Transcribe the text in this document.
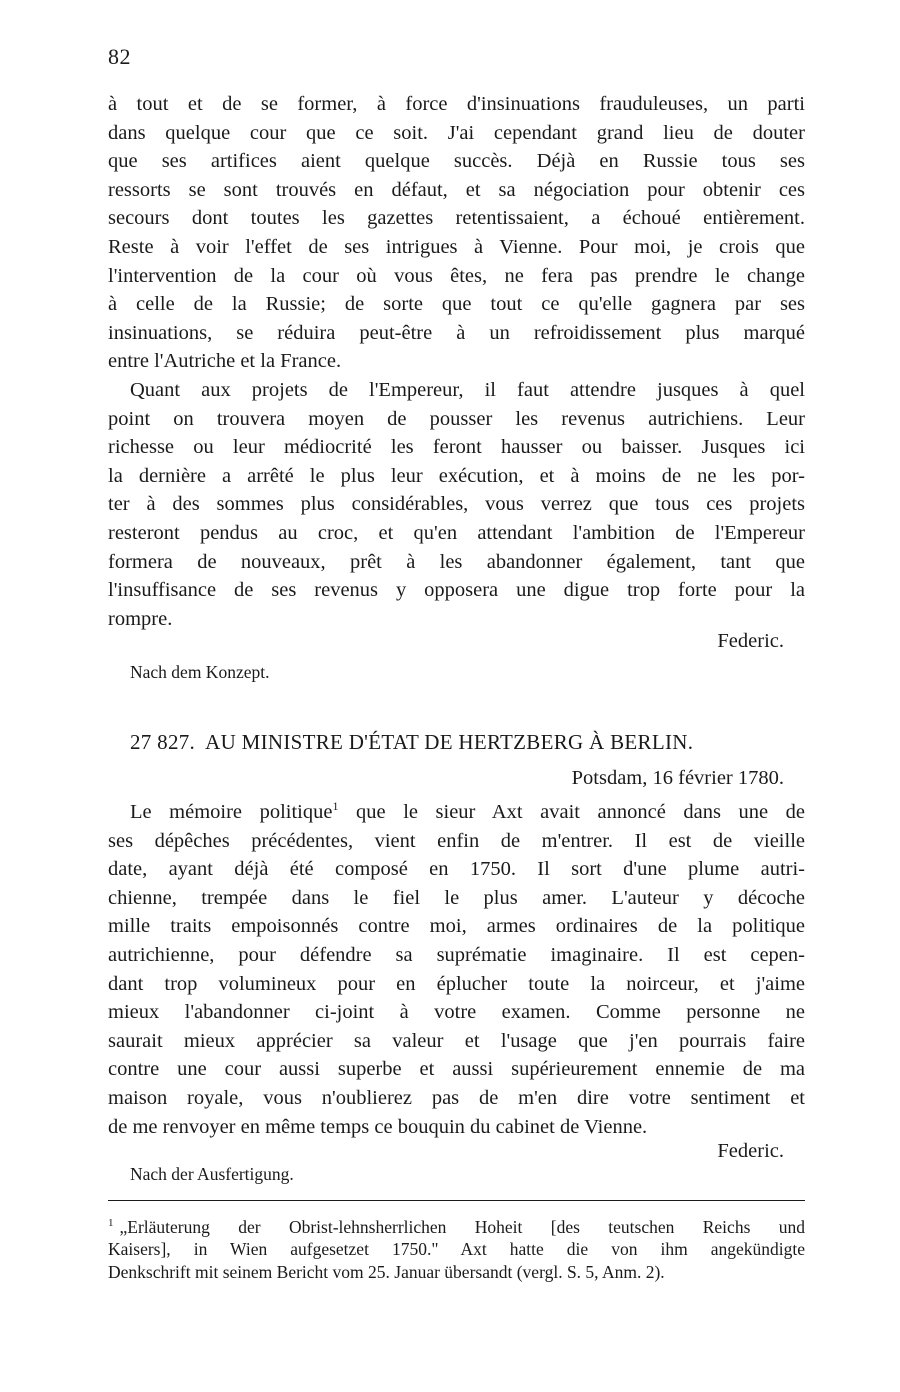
82
à tout et de se former, à force d'insinuations frauduleuses, un parti
dans quelque cour que ce soit. J'ai cependant grand lieu de douter
que ses artifices aient quelque succès. Déjà en Russie tous ses
ressorts se sont trouvés en défaut, et sa négociation pour obtenir ces
secours dont toutes les gazettes retentissaient, a échoué entièrement.
Reste à voir l'effet de ses intrigues à Vienne. Pour moi, je crois que
l'intervention de la cour où vous êtes, ne fera pas prendre le change
à celle de la Russie; de sorte que tout ce qu'elle gagnera par ses
insinuations, se réduira peut-être à un refroidissement plus marqué
entre l'Autriche et la France.
Quant aux projets de l'Empereur, il faut attendre jusques à quel
point on trouvera moyen de pousser les revenus autrichiens. Leur
richesse ou leur médiocrité les feront hausser ou baisser. Jusques ici
la dernière a arrêté le plus leur exécution, et à moins de ne les por-
ter à des sommes plus considérables, vous verrez que tous ces projets
resteront pendus au croc, et qu'en attendant l'ambition de l'Empereur
formera de nouveaux, prêt à les abandonner également, tant que
l'insuffisance de ses revenus y opposera une digue trop forte pour la
rompre.
Federic.
Nach dem Konzept.
27 827. AU MINISTRE D'ÉTAT DE HERTZBERG À BERLIN.
Potsdam, 16 février 1780.
Le mémoire politique$^1$ que le sieur Axt avait annoncé dans une de
ses dépêches précédentes, vient enfin de m'entrer. Il est de vieille
date, ayant déjà été composé en 1750. Il sort d'une plume autri-
chienne, trempée dans le fiel le plus amer. L'auteur y décoche
mille traits empoisonnés contre moi, armes ordinaires de la politique
autrichienne, pour défendre sa suprématie imaginaire. Il est cepen-
dant trop volumineux pour en éplucher toute la noirceur, et j'aime
mieux l'abandonner ci-joint à votre examen. Comme personne ne
saurait mieux apprécier sa valeur et l'usage que j'en pourrais faire
contre une cour aussi superbe et aussi supérieurement ennemie de ma
maison royale, vous n'oublierez pas de m'en dire votre sentiment et
de me renvoyer en même temps ce bouquin du cabinet de Vienne.
Federic.
Nach der Ausfertigung.
$^1$ „Erläuterung der Obrist-lehnsherrlichen Hoheit [des teutschen Reichs und
Kaisers], in Wien aufgesetzet 1750." Axt hatte die von ihm angekündigte
Denkschrift mit seinem Bericht vom 25. Januar übersandt (vergl. S. 5, Anm. 2).
